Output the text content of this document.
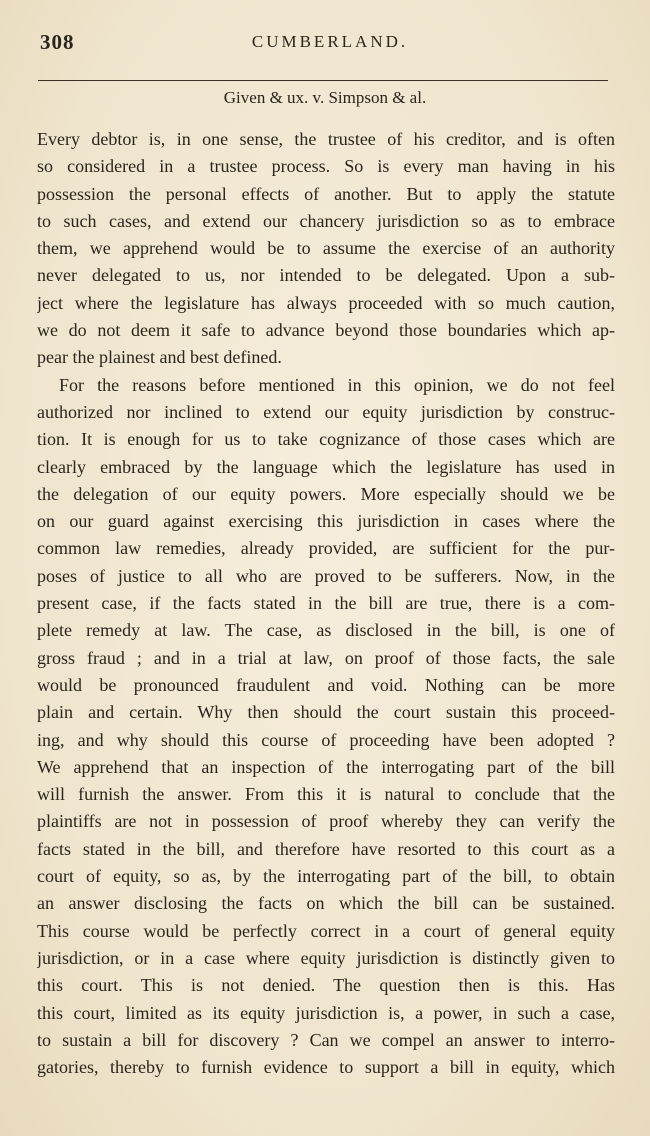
308	CUMBERLAND.
Given & ux. v. Simpson & al.
Every debtor is, in one sense, the trustee of his creditor, and is often
so considered in a trustee process. So is every man having in his
possession the personal effects of another. But to apply the statute
to such cases, and extend our chancery jurisdiction so as to embrace
them, we apprehend would be to assume the exercise of an authority
never delegated to us, nor intended to be delegated. Upon a sub-
ject where the legislature has always proceeded with so much caution,
we do not deem it safe to advance beyond those boundaries which ap-
pear the plainest and best defined.
For the reasons before mentioned in this opinion, we do not feel
authorized nor inclined to extend our equity jurisdiction by construc-
tion. It is enough for us to take cognizance of those cases which are
clearly embraced by the language which the legislature has used in
the delegation of our equity powers. More especially should we be
on our guard against exercising this jurisdiction in cases where the
common law remedies, already provided, are sufficient for the pur-
poses of justice to all who are proved to be sufferers. Now, in the
present case, if the facts stated in the bill are true, there is a com-
plete remedy at law. The case, as disclosed in the bill, is one of
gross fraud ; and in a trial at law, on proof of those facts, the sale
would be pronounced fraudulent and void. Nothing can be more
plain and certain. Why then should the court sustain this proceed-
ing, and why should this course of proceeding have been adopted ?
We apprehend that an inspection of the interrogating part of the bill
will furnish the answer. From this it is natural to conclude that the
plaintiffs are not in possession of proof whereby they can verify the
facts stated in the bill, and therefore have resorted to this court as a
court of equity, so as, by the interrogating part of the bill, to obtain
an answer disclosing the facts on which the bill can be sustained.
This course would be perfectly correct in a court of general equity
jurisdiction, or in a case where equity jurisdiction is distinctly given to
this court. This is not denied. The question then is this. Has
this court, limited as its equity jurisdiction is, a power, in such a case,
to sustain a bill for discovery ? Can we compel an answer to interro-
gatories, thereby to furnish evidence to support a bill in equity, which
